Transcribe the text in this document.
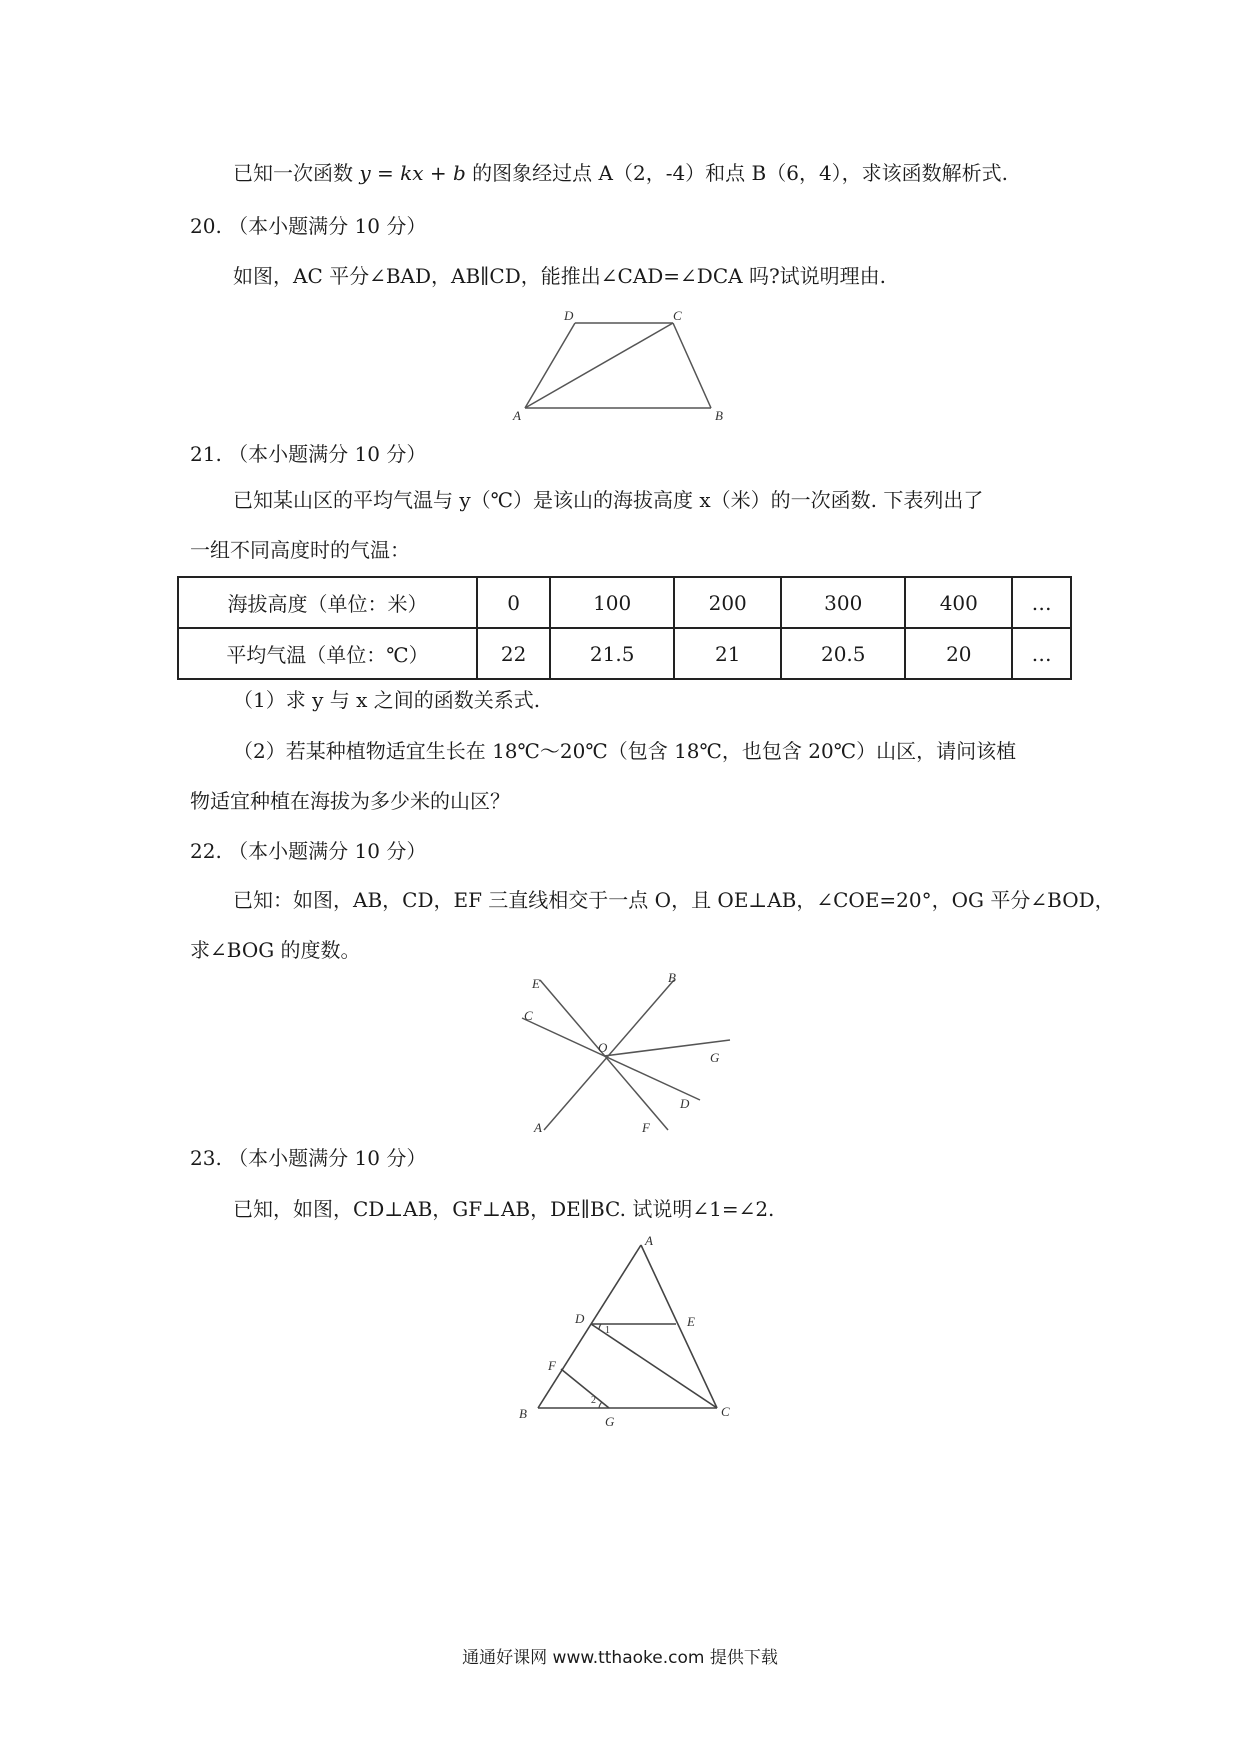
已知一次函数 y = kx + b 的图象经过点 A（2，-4）和点 B（6，4），求该函数解析式.
20. （本小题满分 10 分）
如图，AC 平分∠BAD，AB∥CD，能推出∠CAD=∠DCA 吗?试说明理由.
D	C
A	B
21. （本小题满分 10 分）
已知某山区的平均气温与 y（℃）是该山的海拔高度 x（米）的一次函数. 下表列出了
一组不同高度时的气温：
海拔高度（单位：米）	0	100	200	300	400	…
平均气温（单位：℃）	22	21.5	21	20.5	20	…
（1）求 y 与 x 之间的函数关系式.
（2）若某种植物适宜生长在 18℃～20℃（包含 18℃，也包含 20℃）山区，请问该植
物适宜种植在海拔为多少米的山区？
22. （本小题满分 10 分）
已知：如图，AB，CD，EF 三直线相交于一点 O，且 OE⊥AB，∠COE=20°，OG 平分∠BOD，
求∠BOG 的度数。
E	B
C
O
G
D
A	F
23. （本小题满分 10 分）
已知，如图，CD⊥AB，GF⊥AB，DE∥BC. 试说明∠1=∠2.
A
D	E
1
F
2
B
G
C
通通好课网 www.tthaoke.com 提供下载
